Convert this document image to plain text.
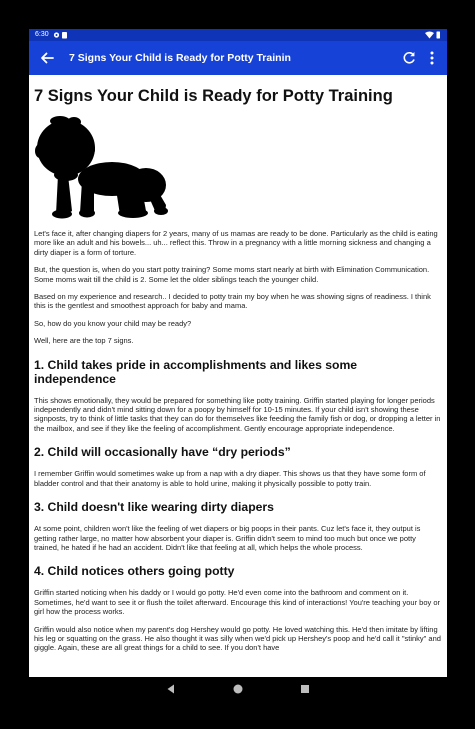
6:30
7 Signs Your Child is Ready for Potty Trainin
7 Signs Your Child is Ready for Potty Training

Let's face it, after changing diapers for 2 years, many of us mamas are ready to be done. Particularly as the child is eating more like an adult and his bowels... uh... reflect this. Throw in a pregnancy with a little morning sickness and changing a dirty diaper is a form of torture.

But, the question is, when do you start potty training? Some moms start nearly at birth with Elimination Communication. Some moms wait till the child is 2. Some let the older siblings teach the younger child.

Based on my experience and research.. I decided to potty train my boy when he was showing signs of readiness. I think this is the gentlest and smoothest approach for baby and mama.

So, how do you know your child may be ready?

Well, here are the top 7 signs.

1. Child takes pride in accomplishments and likes some independence

This shows emotionally, they would be prepared for something like potty training. Griffin started playing for longer periods independently and didn't mind sitting down for a poopy by himself for 10-15 minutes. If your child isn't showing these signposts, try to think of little tasks that they can do for themselves like feeding the family fish or dog, or dropping a letter in the mailbox, and see if they like the feeling of accomplishment. Gently encourage appropriate independence.

2. Child will occasionally have “dry periods”

I remember Griffin would sometimes wake up from a nap with a dry diaper. This shows us that they have some form of bladder control and that their anatomy is able to hold urine, making it physically possible to potty train.

3. Child doesn't like wearing dirty diapers

At some point, children won't like the feeling of wet diapers or big poops in their pants. Cuz let's face it, they output is getting rather large, no matter how absorbent your diaper is. Griffin didn't seem to mind too much but once we potty trained, he hated if he had an accident. Didn't like that feeling at all, which helps the whole process.

4. Child notices others going potty

Griffin started noticing when his daddy or I would go potty. He'd even come into the bathroom and comment on it. Sometimes, he'd want to see it or flush the toilet afterward. Encourage this kind of interactions! You're teaching your boy or girl how the process works.

Griffin would also notice when my parent's dog Hershey would go potty. He loved watching this. He'd then imitate by lifting his leg or squatting on the grass. He also thought it was silly when we'd pick up Hershey's poop and he'd call it "stinky" and giggle. Again, these are all great things for a child to see. If you don't have
